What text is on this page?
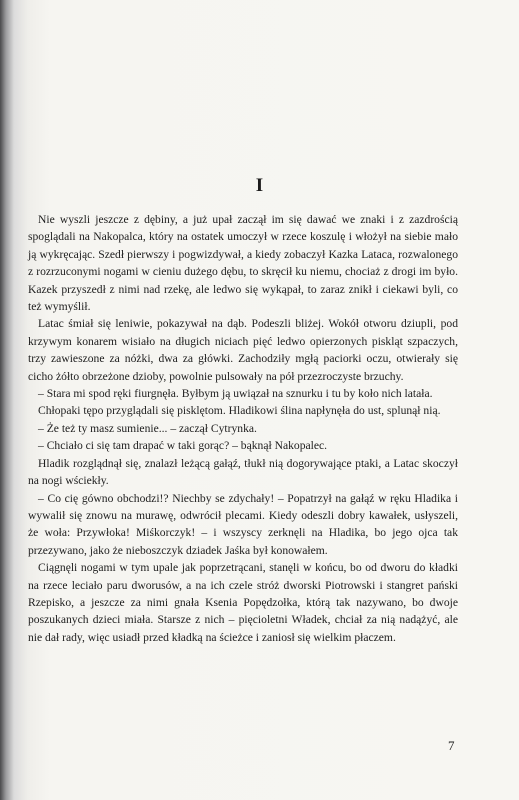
I

Nie wyszli jeszcze z dębiny, a już upał zaczął im się dawać we znaki i z zazdrością spoglądali na Nakopalca, który na ostatek umoczył w rzece koszulę i włożył na siebie mało ją wykręcając. Szedł pierwszy i pogwizdywał, a kiedy zobaczył Kazka Lataca, rozwalonego z rozrzuconymi nogami w cieniu dużego dębu, to skręcił ku niemu, chociaż z drogi im było. Kazek przyszedł z nimi nad rzekę, ale ledwo się wykąpał, to zaraz znikł i ciekawi byli, co też wymyślił.

Latac śmiał się leniwie, pokazywał na dąb. Podeszli bliżej. Wokół otworu dziupli, pod krzywym konarem wisiało na długich niciach pięć ledwo opierzonych piskląt szpaczych, trzy zawieszone za nóżki, dwa za główki. Zachodziły mgłą paciorki oczu, otwierały się cicho żółto obrzeżone dzioby, powolnie pulsowały na pół przezroczyste brzuchy.

– Stara mi spod ręki fiurgnęła. Byłbym ją uwiązał na sznurku i tu by koło nich latała.

Chłopaki tępo przyglądali się pisklętom. Hladikowi ślina napłynęła do ust, splunął nią.

– Że też ty masz sumienie... – zaczął Cytrynka.

– Chciało ci się tam drapać w taki gorąc? – bąknął Nakopalec.

Hladik rozglądnął się, znalazł leżącą gałąź, tłukł nią dogorywające ptaki, a Latac skoczył na nogi wściekły.

– Co cię gówno obchodzi!? Niechby se zdychały! – Popatrzył na gałąź w ręku Hladika i wywalił się znowu na murawę, odwrócił plecami. Kiedy odeszli dobry kawałek, usłyszeli, że woła: Przywłoka! Miśkorczyk! – i wszyscy zerknęli na Hladika, bo jego ojca tak przezywano, jako że nieboszczyk dziadek Jaśka był konowałem.

Ciągnęli nogami w tym upale jak poprzetrącani, stanęli w końcu, bo od dworu do kładki na rzece leciało paru dworusów, a na ich czele stróż dworski Piotrowski i stangret pański Rzepisko, a jeszcze za nimi gnała Ksenia Popędzołka, którą tak nazywano, bo dwoje poszukanych dzieci miała. Starsze z nich – pięcioletni Władek, chciał za nią nadążyć, ale nie dał rady, więc usiadł przed kładką na ścieżce i zaniosł się wielkim płaczem.

7
